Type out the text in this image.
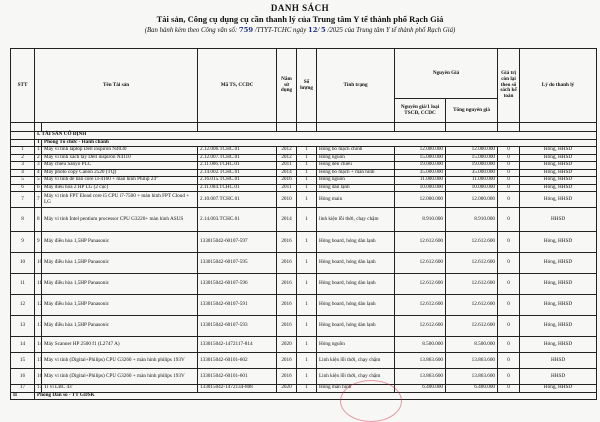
DANH SÁCH
Tài sản, Công cụ dụng cụ cần thanh lý của Trung tâm Y tế thành phố Rạch Giá
(Ban hành kèm theo Công văn số: 759 /TTYT-TCHC ngày 12/ 5 /2025 của Trung tâm Y tế thành phố Rạch Giá)
STT	Tên Tài sản		Mã TS, CCDC	Năm sử dụng	Số lượng	Tình trạng	Nguyên Giá		Giá trị còn lại theo sổ sách kế toán	Lý do thanh lý
							Nguyên giá/1 loại TSCĐ, CCDC	Tổng nguyên giá		

	I. TÀI SẢN CỐ ĐỊNH									
	1	Phòng Tổ chức - Hành chánh								
1	1	Máy vi tính laptop Dell inspiron N4030	2.12.006.TCHC.01	2012	1	Hỏng bo mạch chính	12.000.000	12.000.000	0	Hỏng, HHSD
2	2	Máy vi tính xách tay Dell inspiron N4110	2.12.007.TCHC.01	2012	1	Hỏng nguồn	15.000.000	15.000.000	0	Hỏng, HHSD
3	3	Máy chiếu Sanyo PLC	2.11.006.TCHC.01	2011	1	Hỏng đèn chiếu	19.000.000	19.000.000	0	Hỏng, HHSD
4	4	Máy photo copy Canon 2520 (TQ)	2.14.002.TCHC.01	2014	1	Hỏng bo mạch + màn hình	35.000.000	35.000.000	0	Hỏng, HHSD
5	5	Máy vi tính để bàn core i3-4160 + màn hình Philip 24"	2.16.015.TCHC.01	2016	1	Hỏng nguồn	11.000.000	11.000.000	0	Hỏng, HHSD
6	6	Máy điều hòa 2 HP LG (2 cục)	2.11.004.TCHC.01	2011	1	Hỏng dàn lạnh	10.000.000	10.000.000	0	Hỏng, HHSD
7	7	Máy vi tính FPT Elead core i5 CPU i7-7500 + màn hình FPT Cloud + LG	2.10.007.TCHC.01	2010	1	Hỏng main	12.000.000	12.000.000	0	Hỏng, HHSD
8	8	Máy vi tính Intel pentium processor CPU G3220+ màn hình ASUS	2.14.003.TCHC.01	2014	1	linh kiện lỗi thời, chạy chậm	8.910.000	8.910.000	0	HHSD
9	9	Máy điều hòa 1,5HP Panasonic	133015042-60107-597	2016	1	Hỏng board, hỏng dàn lạnh	12.612.600	12.612.600	0	Hỏng, HHSD
10	10	Máy điều hòa 1,5HP Panasonic	133015042-60107-595	2016	1	Hỏng board, hỏng dàn lạnh	12.612.600	12.612.600	0	Hỏng, HHSD
11	11	Máy điều hòa 1,5HP Panasonic	133015042-60107-596	2016	1	Hỏng board, hỏng dàn lạnh	12.612.600	12.612.600	0	Hỏng, HHSD
12	12	Máy điều hòa 1,5HP Panasonic	133015042-60107-591	2016	1	Hỏng board, hỏng dàn lạnh	12.612.600	12.612.600	0	Hỏng, HHSD
13	13	Máy điều hòa 1,5HP Panasonic	133015042-60107-593	2016	1	Hỏng board, hỏng dàn lạnh	12.612.600	12.612.600	0	Hỏng, HHSD
14	14	Máy Scanner HP 2500 f1 (L2747 A)	133015042-1472117-814	2020	1	Hỏng nguồn	8.500.000	8.500.000	0	Hỏng, HHSD
15	15	Máy vi tính (Digital+Philips) CPU G3260 + màn hình philips 193V	133015042-60101-602	2016	1	Linh kiện lỗi thời, chạy chậm	13.863.600	13.863.600	0	HHSD
16	16	Máy vi tính (Digital+Philips) CPU G3260 + màn hình philips 193V	133015042-60101-601	2016	1	Linh kiện lỗi thời, chạy chậm	13.863.600	13.863.600	0	HHSD
17	17	Ti vi LBC 43'	133015042-1472134-808	2020	1	Hỏng màn hình	6.400.000	6.400.000	0	Hỏng, HHSD
II	Phòng Dân số - TT GDSK									
